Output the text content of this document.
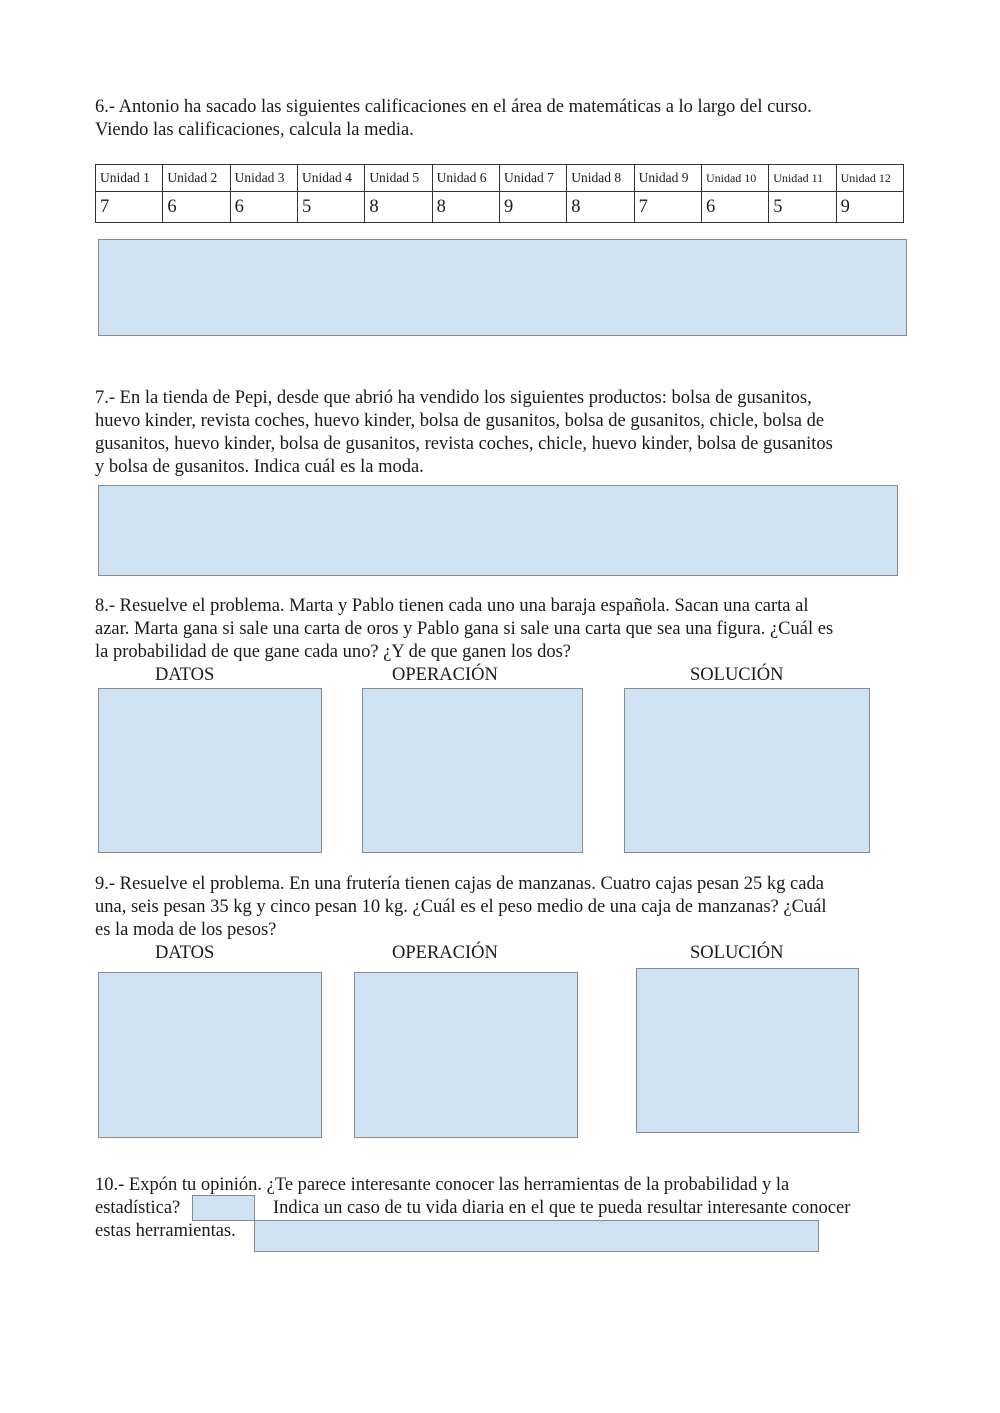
6.- Antonio ha sacado las siguientes calificaciones en el área de matemáticas a lo largo del curso.

Viendo las calificaciones, calcula la media.

Unidad 1	Unidad 2	Unidad 3	Unidad 4	Unidad 5	Unidad 6	Unidad 7	Unidad 8	Unidad 9	Unidad 10	Unidad 11	Unidad 12
7	6	6	5	8	8	9	8	7	6	5	9

7.- En la tienda de Pepi, desde que abrió ha vendido los siguientes productos: bolsa de gusanitos,

huevo kinder, revista coches, huevo kinder, bolsa de gusanitos, bolsa de gusanitos, chicle, bolsa de

gusanitos, huevo kinder, bolsa de gusanitos, revista coches, chicle, huevo kinder, bolsa de gusanitos

y bolsa de gusanitos. Indica cuál es la moda.

8.- Resuelve el problema. Marta y Pablo tienen cada uno una baraja española. Sacan una carta al

azar. Marta gana si sale una carta de oros y Pablo gana si sale una carta que sea una figura. ¿Cuál es

la probabilidad de que gane cada uno? ¿Y de que ganen los dos?

DATOS	OPERACIÓN	SOLUCIÓN

9.- Resuelve el problema. En una frutería tienen cajas de manzanas. Cuatro cajas pesan 25 kg cada

una, seis pesan 35 kg y cinco pesan 10 kg. ¿Cuál es el peso medio de una caja de manzanas? ¿Cuál

es la moda de los pesos?

DATOS	OPERACIÓN	SOLUCIÓN

10.- Expón tu opinión. ¿Te parece interesante conocer las herramientas de la probabilidad y la

estadística?	Indica un caso de tu vida diaria en el que te pueda resultar interesante conocer

estas herramientas.
